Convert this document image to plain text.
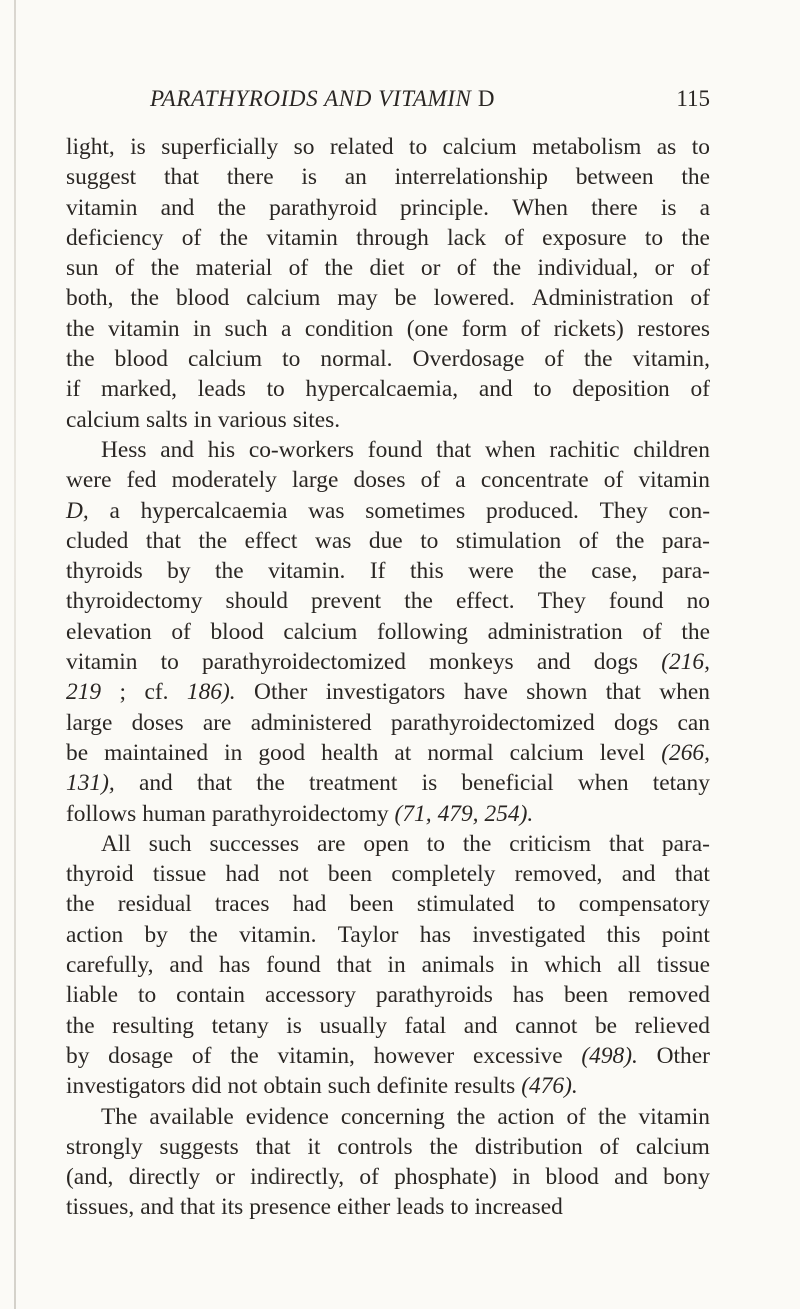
PARATHYROIDS AND VITAMIN D	115
light, is superficially so related to calcium metabolism as to
suggest that there is an interrelationship between the
vitamin and the parathyroid principle. When there is a
deficiency of the vitamin through lack of exposure to the
sun of the material of the diet or of the individual, or of
both, the blood calcium may be lowered. Administration of
the vitamin in such a condition (one form of rickets) restores
the blood calcium to normal. Overdosage of the vitamin,
if marked, leads to hypercalcaemia, and to deposition of
calcium salts in various sites.
Hess and his co-workers found that when rachitic children
were fed moderately large doses of a concentrate of vitamin
D, a hypercalcaemia was sometimes produced. They con-
cluded that the effect was due to stimulation of the para-
thyroids by the vitamin. If this were the case, para-
thyroidectomy should prevent the effect. They found no
elevation of blood calcium following administration of the
vitamin to parathyroidectomized monkeys and dogs (216,
219 ; cf. 186). Other investigators have shown that when
large doses are administered parathyroidectomized dogs can
be maintained in good health at normal calcium level (266,
131), and that the treatment is beneficial when tetany
follows human parathyroidectomy (71, 479, 254).
All such successes are open to the criticism that para-
thyroid tissue had not been completely removed, and that
the residual traces had been stimulated to compensatory
action by the vitamin. Taylor has investigated this point
carefully, and has found that in animals in which all tissue
liable to contain accessory parathyroids has been removed
the resulting tetany is usually fatal and cannot be relieved
by dosage of the vitamin, however excessive (498). Other
investigators did not obtain such definite results (476).
The available evidence concerning the action of the vitamin
strongly suggests that it controls the distribution of calcium
(and, directly or indirectly, of phosphate) in blood and bony
tissues, and that its presence either leads to increased
